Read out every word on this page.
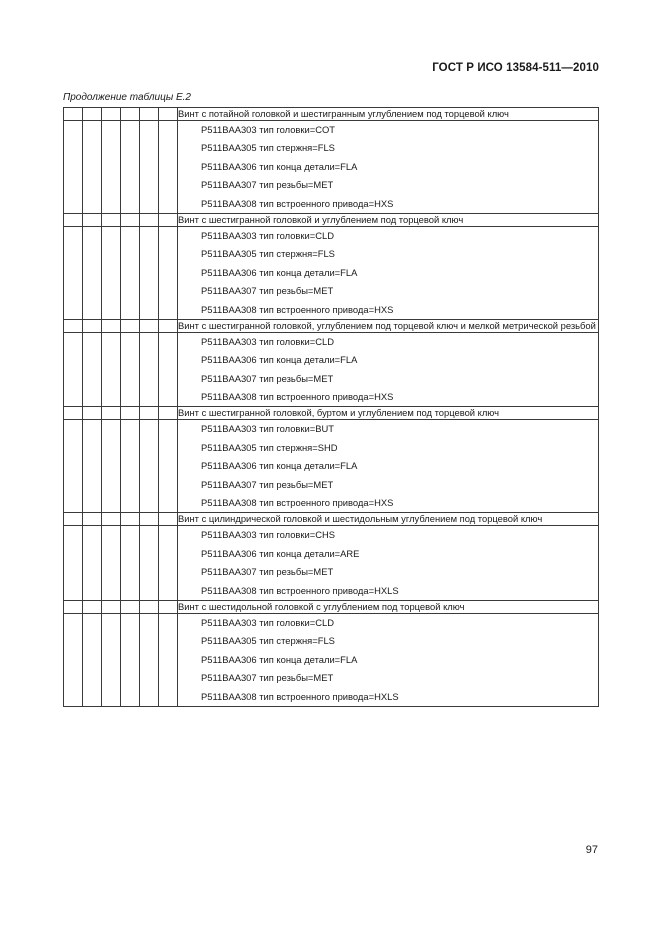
ГОСТ Р ИСО 13584-511—2010
Продолжение таблицы Е.2
						Винт с потайной головкой и шестигранным углублением под торцевой ключ

						P511BAA303 тип головки=COT
P511BAA305 тип стержня=FLS
P511BAA306 тип конца детали=FLA
P511BAA307 тип резьбы=MET
P511BAA308 тип встроенного привода=HXS

						Винт с шестигранной головкой и углублением под торцевой ключ

						P511BAA303 тип головки=CLD
P511BAA305 тип стержня=FLS
P511BAA306 тип конца детали=FLA
P511BAA307 тип резьбы=MET
P511BAA308 тип встроенного привода=HXS

						Винт с шестигранной головкой, углублением под торцевой ключ и мелкой метрической резьбой

						P511BAA303 тип головки=CLD
P511BAA306 тип конца детали=FLA
P511BAA307 тип резьбы=MET
P511BAA308 тип встроенного привода=HXS

						Винт с шестигранной головкой, буртом и углублением под торцевой ключ

						P511BAA303 тип головки=BUT
P511BAA305 тип стержня=SHD
P511BAA306 тип конца детали=FLA
P511BAA307 тип резьбы=MET
P511BAA308 тип встроенного привода=HXS

						Винт с цилиндрической головкой и шестидольным углублением под торцевой ключ

						P511BAA303 тип головки=CHS
P511BAA306 тип конца детали=ARE
P511BAA307 тип резьбы=MET
P511BAA308 тип встроенного привода=HXLS

						Винт с шестидольной головкой с углублением под торцевой ключ

						P511BAA303 тип головки=CLD
P511BAA305 тип стержня=FLS
P511BAA306 тип конца детали=FLA
P511BAA307 тип резьбы=MET
P511BAA308 тип встроенного привода=HXLS
97
